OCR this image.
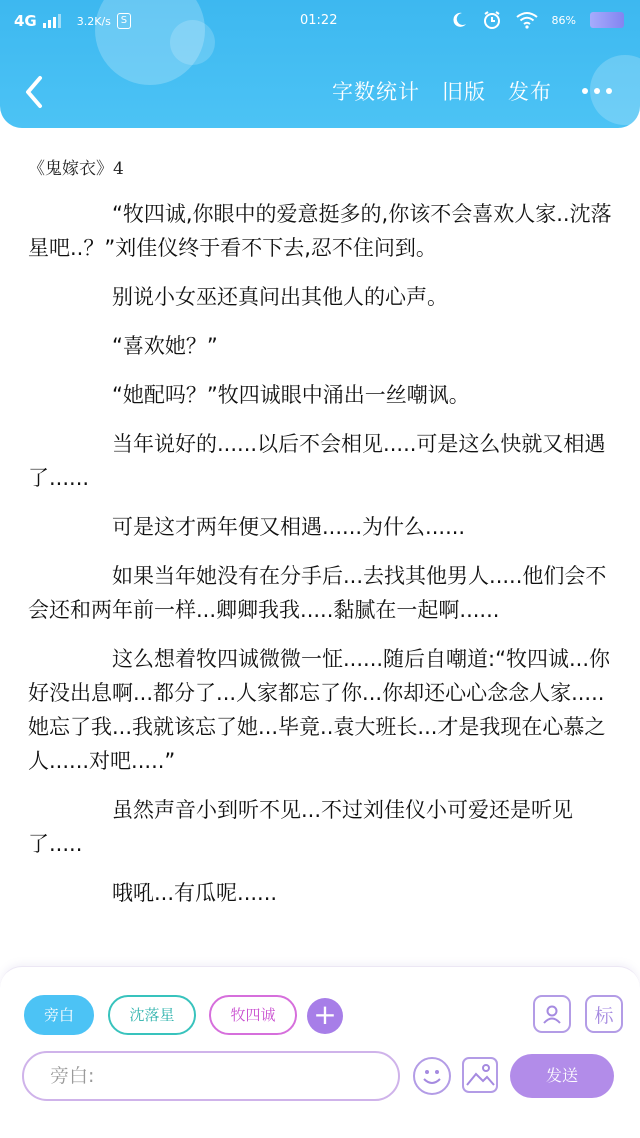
4G	3.2K/s S	01:22	86%
字数统计 旧版 发布
《鬼嫁衣》4

“牧四诚,你眼中的爱意挺多的,你该不会喜欢人家..沈落星吧..？”刘佳仪终于看不下去,忍不住问到。

别说小女巫还真问出其他人的心声。

“喜欢她？”

“她配吗？”牧四诚眼中涌出一丝嘲讽。

当年说好的......以后不会相见.....可是这么快就又相遇了......

可是这才两年便又相遇......为什么......

如果当年她没有在分手后...去找其他男人.....他们会不会还和两年前一样...卿卿我我.....黏腻在一起啊......

这么想着牧四诚微微一怔......随后自嘲道:“牧四诚...你好没出息啊...都分了...人家都忘了你...你却还心心念念人家.....她忘了我...我就该忘了她...毕竟..袁大班长...才是我现在心慕之人......对吧.....”

虽然声音小到听不见...不过刘佳仪小可爱还是听见了.....

哦吼...有瓜呢......

旁白	沈落星	牧四诚	+	标
旁白:	发送
